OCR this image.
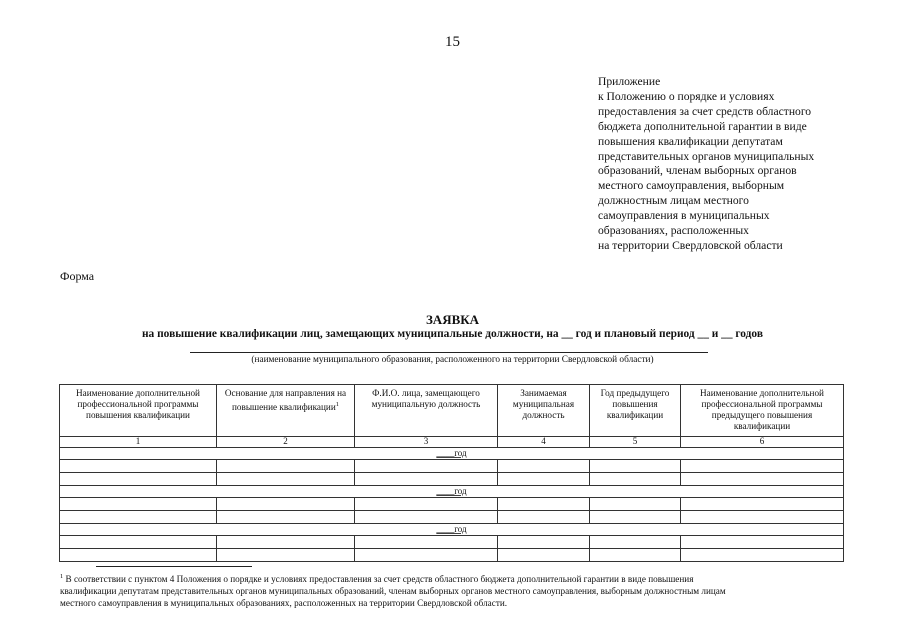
15
Приложение
к Положению о порядке и условиях
предоставления за счет средств областного
бюджета дополнительной гарантии в виде
повышения квалификации депутатам
представительных органов муниципальных
образований, членам выборных органов
местного самоуправления, выборным
должностным лицам местного
самоуправления в муниципальных
образованиях, расположенных
на территории Свердловской области
Форма
ЗАЯВКА
на повышение квалификации лиц, замещающих муниципальные должности, на __ год и плановый период __ и __ годов
(наименование муниципального образования, расположенного на территории Свердловской области)
Наименование дополнительной профессиональной программы повышения квалификации	Основание для направления на повышение квалификации$^1$	Ф.И.О. лица, замещающего муниципальную должность	Занимаемая муниципальная должность	Год предыдущего повышения квалификации	Наименование дополнительной профессиональной программы предыдущего повышения квалификации
1	2	3	4	5	6
____год					

____год					

____год					

$^1$ В соответствии с пунктом 4 Положения о порядке и условиях предоставления за счет средств областного бюджета дополнительной гарантии в виде повышения
квалификации депутатам представительных органов муниципальных образований, членам выборных органов местного самоуправления, выборным должностным лицам
местного самоуправления в муниципальных образованиях, расположенных на территории Свердловской области.
